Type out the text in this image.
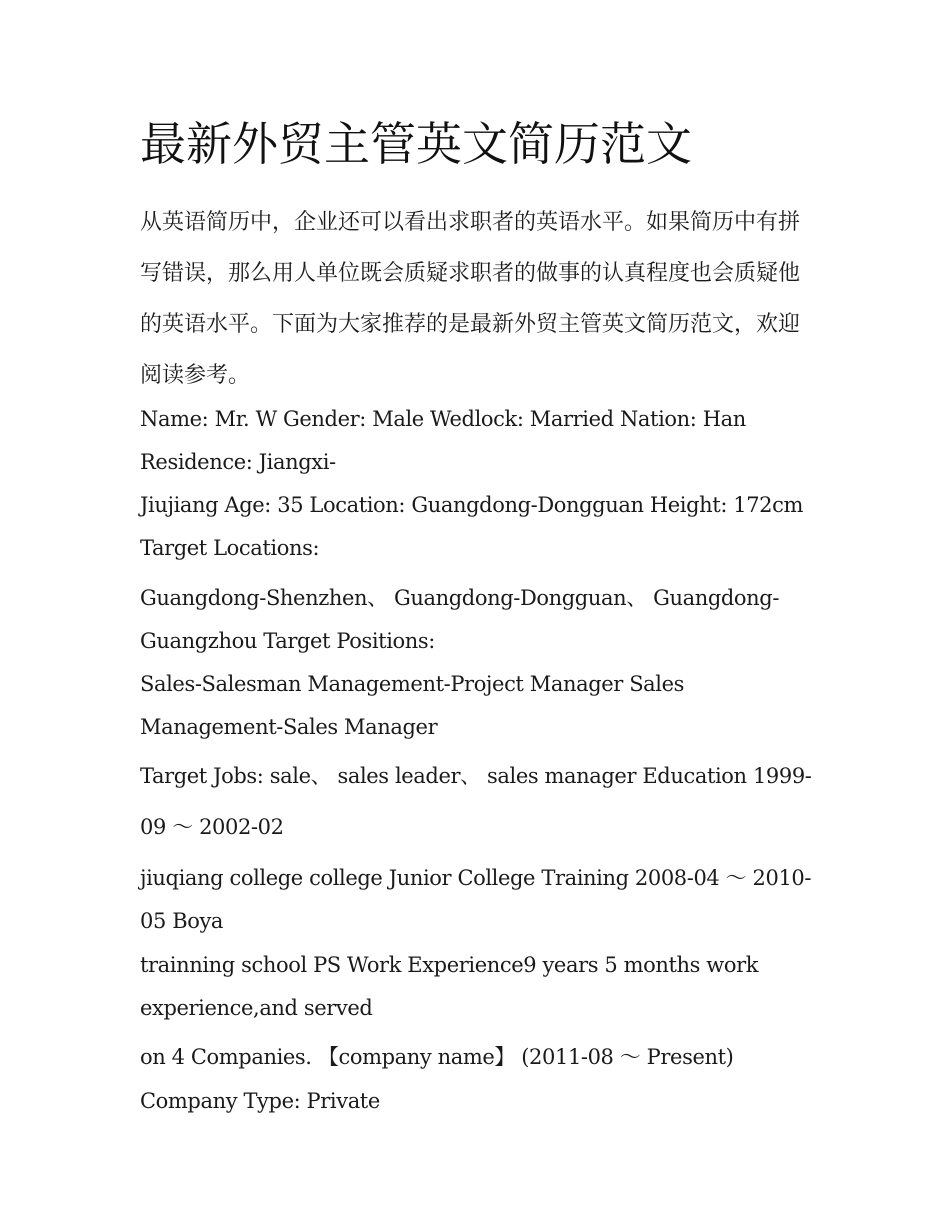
最新外贸主管英文简历范文

从英语简历中，企业还可以看出求职者的英语水平。如果简历中有拼写错误，那么用人单位既会质疑求职者的做事的认真程度也会质疑他的英语水平。下面为大家推荐的是最新外贸主管英文简历范文，欢迎阅读参考。

Name: Mr. W Gender: Male Wedlock: Married Nation: Han

Residence: Jiangxi-

Jiujiang Age: 35 Location: Guangdong-Dongguan Height: 172cm

Target Locations:

Guangdong-Shenzhen、 Guangdong-Dongguan、 Guangdong-

Guangzhou Target Positions:

Sales-Salesman Management-Project Manager Sales

Management-Sales Manager

Target Jobs: sale、 sales leader、 sales manager Education 1999-

09 ～ 2002-02

jiuqiang college college Junior College Training 2008-04 ～ 2010-

05 Boya

trainning school PS Work Experience9 years 5 months work

experience,and served

on 4 Companies. 【company name】 (2011-08 ～ Present)

Company Type: Private
